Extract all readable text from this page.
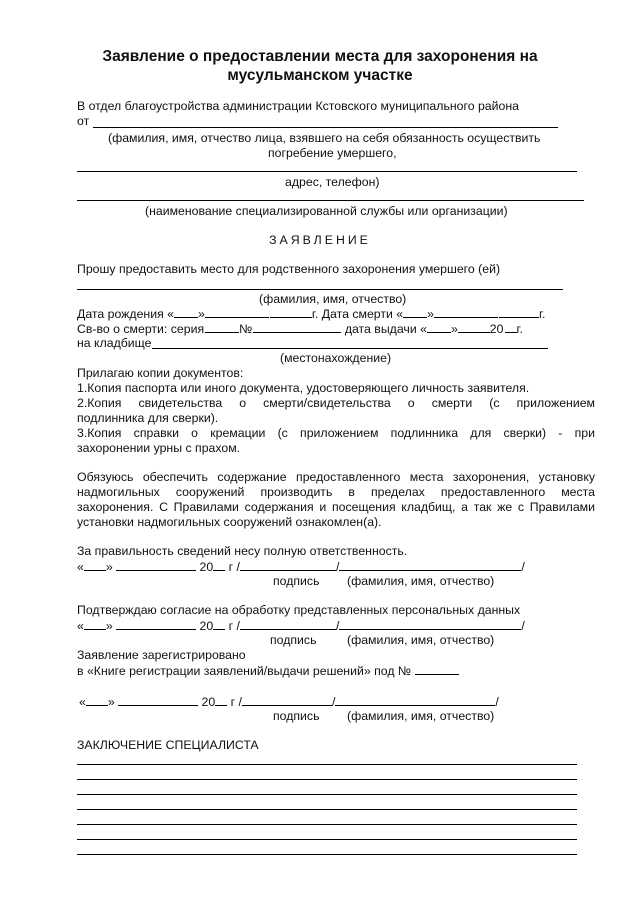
Заявление о предоставлении места для захоронения на
мусульманском участке
В отдел благоустройства администрации Кстовского муниципального района
от
(фамилия, имя, отчество лица, взявшего на себя обязанность осуществить
погребение умершего,
адрес, телефон)
(наименование специализированной службы или организации)
ЗАЯВЛЕНИЕ
Прошу предоставить место для родственного захоронения умершего (ей)
(фамилия, имя, отчество)
Дата рождения « » 	г. Дата смерти « » 	г.
Св-во о смерти: серия 	№ 	дата выдачи « »	20  г.
на кладбище
(местонахождение)
Прилагаю копии документов:
1.Копия паспорта или иного документа, удостоверяющего личность заявителя.
2.Копия свидетельства о смерти/свидетельства о смерти (с приложением
подлинника для сверки).
3.Копия справки о кремации (с приложением подлинника для сверки) - при
захоронении урны с прахом.
Обязуюсь обеспечить содержание предоставленного места захоронения, установку
надмогильных сооружений производить в пределах предоставленного места
захоронения. С Правилами содержания и посещения кладбищ, а так же с Правилами
установки надмогильных сооружений ознакомлен(а).
За правильность сведений несу полную ответственность.
« »	20 г /	/	/
подпись (фамилия, имя, отчество)
Подтверждаю согласие на обработку представленных персональных данных
« »	20 г /	/	/
подпись (фамилия, имя, отчество)
Заявление зарегистрировано
в «Книге регистрации заявлений/выдачи решений» под №
« »	20 г /	/	/
подпись (фамилия, имя, отчество)
ЗАКЛЮЧЕНИЕ СПЕЦИАЛИСТА
